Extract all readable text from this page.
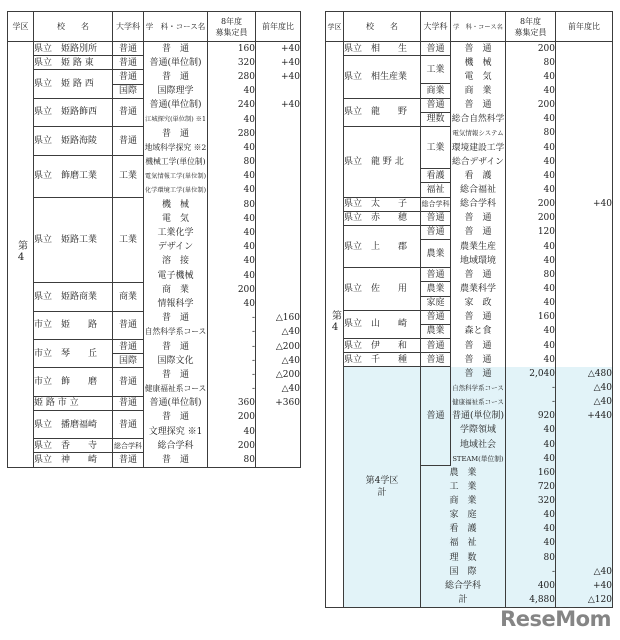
学区	校　　名	大学科	学　科・コース名	8年度
募集定員	前年度比
第4	県立　姫路別所	普通	普　通	160	+40
	県立　姫 路 東	普通	普通(単位制)	320	+40
	県立　姫 路 西	普通	普　通	280	+40
		国際	国際理学	40	
	県立　姫路飾西	普通	普通(単位制)	240	+40
			江城探究(単位制) ※1	40	
	県立　姫路海陵	普通	普　通	280	
			地域科学探究 ※2	40	
	県立　飾磨工業	工業	機械工学(単位制)	80	
			電気情報工学(単位制)	40	
			化学環境工学(単位制)	40	
	県立　姫路工業	工業	機　械	80	
			電　気	40	
			工業化学	40	
			デザイン	40	
			溶　接	40	
			電子機械	40	
	県立　姫路商業	商業	商　業	200	
			情報科学	40	
	市立　姫　　路	普通	普　通	-	△160
			自然科学系コース	-	△40
	市立　琴　　丘	普通	普　通	-	△200
		国際	国際文化	-	△40
	市立　飾　　磨	普通	普　通	-	△200
			健康福祉系コース	-	△40
	姫 路 市 立	普通	普通(単位制)	360	+360
	県立　播磨福崎	普通	普　通	200	
			文理探究 ※1	40	
	県立　香　　寺	総合学科	総合学科	200	
	県立　神　　崎	普通	普　通	80	
学区	校　　名	大学科	学　科・コース名	8年度
募集定員	前年度比
第4	県立　相　　生	普通	普　通	200	
	県立　相生産業	工業	機　械	80	
			電　気	40	
		商業	商　業	40	
	県立　龍　　野	普通	普　通	200	
		理数	総合自然科学	40	
	県立　龍 野 北	工業	電気情報システム	80	
			環境建設工学	40	
			総合デザイン	40	
		看護	看　護	40	
		福祉	総合福祉	40	
	県立　太　　子	総合学科	総合学科	200	+40
	県立　赤　　穂	普通	普　通	200	
	県立　上　　郡	普通	普　通	120	
		農業	農業生産	40	
			地域環境	40	
	県立　佐　　用	普通	普　通	80	
		農業	農業科学	40	
		家庭	家　政	40	
	県立　山　　崎	普通	普　通	160	
		農業	森と食	40	
	県立　伊　　和	普通	普　通	40	
	県立　千　　種	普通	普　通	40	
	第4学区
計	普通	普　通	2,040	△480
			自然科学系コース	-	△40
			健康福祉系コース	-	△40
			普通(単位制)	920	+440
			学際領域	40	
			地域社会	40	
			STEAM(単位制)	40	
		農　業		160	
		工　業		720	
		商　業		320	
		家　庭		40	
		看　護		40	
		福　祉		40	
		理　数		80	
		国　際		-	△40
		総合学科		400	+40
		計		4,880	△120
ReseMom
